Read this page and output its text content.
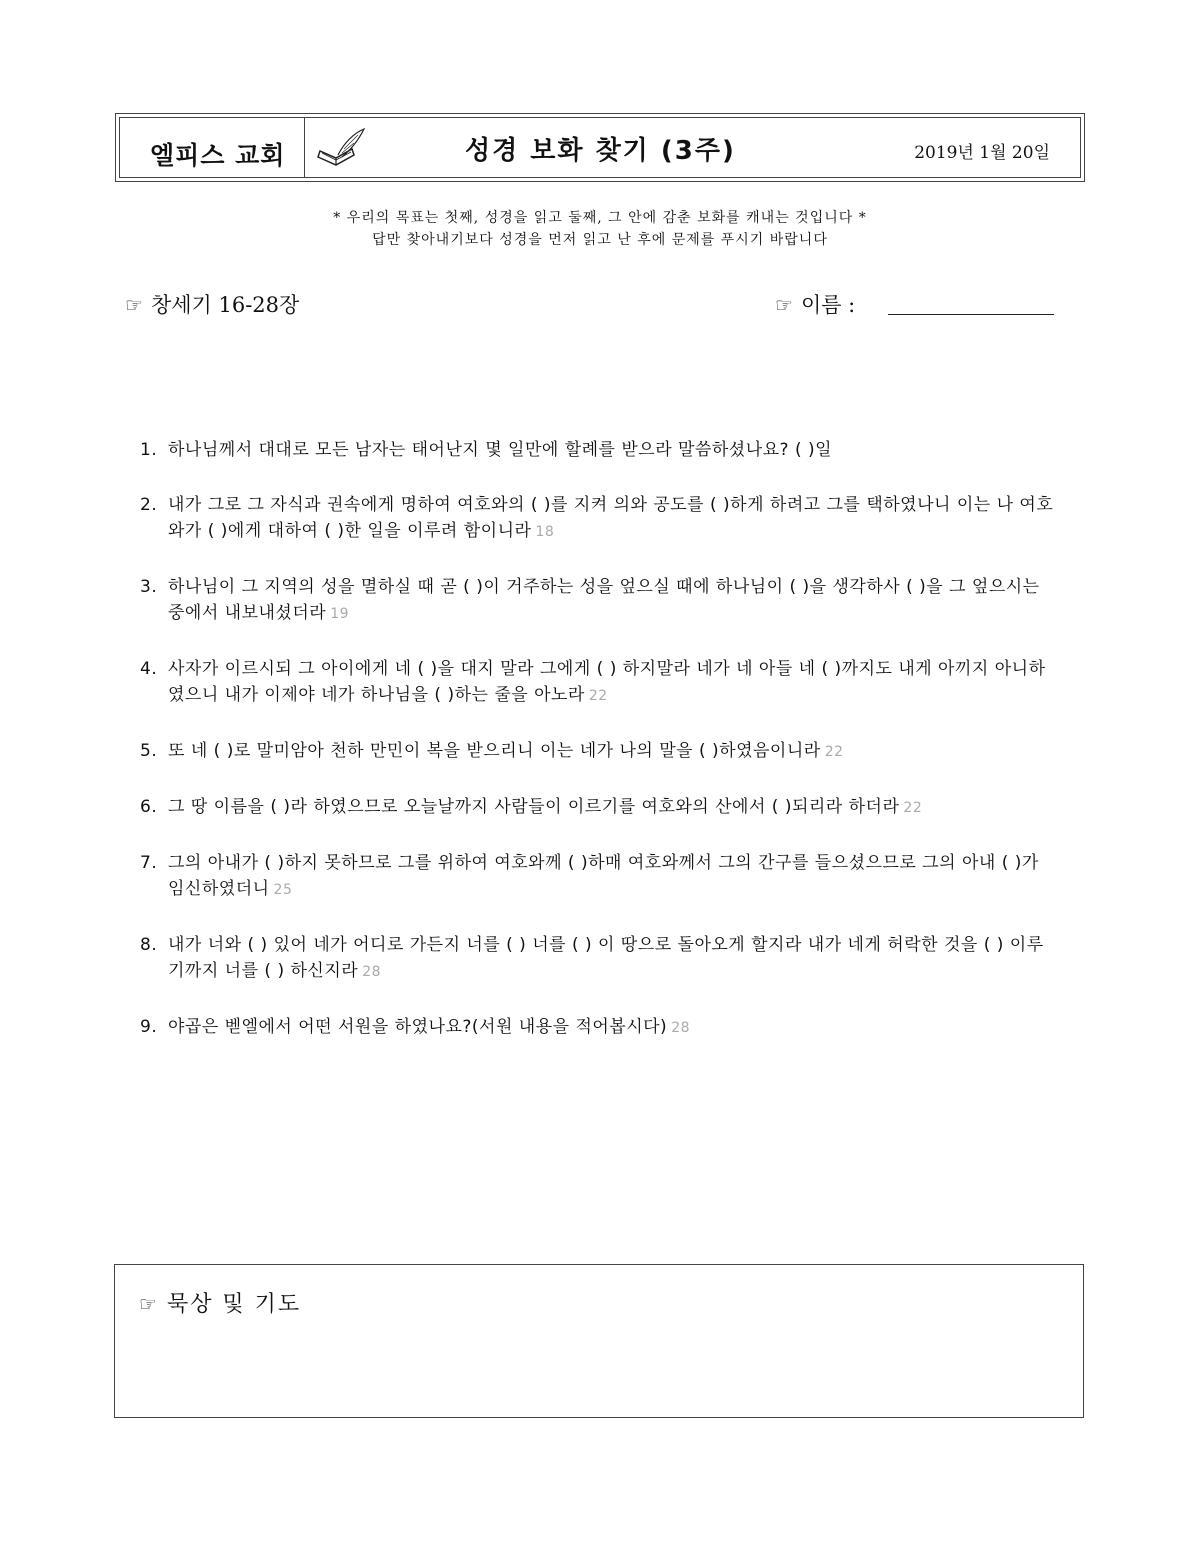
엘피스 교회	성경 보화 찾기 (3주)	2019년 1월 20일
* 우리의 목표는 첫째, 성경을 읽고 둘째, 그 안에 감춘 보화를 캐내는 것입니다 *
답만 찾아내기보다 성경을 먼저 읽고 난 후에 문제를 푸시기 바랍니다
☞ 창세기 16-28장	☞ 이름 :
1. 하나님께서 대대로 모든 남자는 태어난지 몇 일만에 할례를 받으라 말씀하셨나요? ( )일
2. 내가 그로 그 자식과 권속에게 명하여 여호와의 ( )를 지켜 의와 공도를 ( )하게 하려고 그를 택하였나니 이는 나 여호와가 ( )에게 대하여 ( )한 일을 이루려 함이니라 18
3. 하나님이 그 지역의 성을 멸하실 때 곧 ( )이 거주하는 성을 엎으실 때에 하나님이 ( )을 생각하사 ( )을 그 엎으시는 중에서 내보내셨더라 19
4. 사자가 이르시되 그 아이에게 네 ( )을 대지 말라 그에게 ( ) 하지말라 네가 네 아들 네 ( )까지도 내게 아끼지 아니하였으니 내가 이제야 네가 하나님을 ( )하는 줄을 아노라 22
5. 또 네 ( )로 말미암아 천하 만민이 복을 받으리니 이는 네가 나의 말을 ( )하였음이니라 22
6. 그 땅 이름을 ( )라 하였으므로 오늘날까지 사람들이 이르기를 여호와의 산에서 ( )되리라 하더라 22
7. 그의 아내가 ( )하지 못하므로 그를 위하여 여호와께 ( )하매 여호와께서 그의 간구를 들으셨으므로 그의 아내 ( )가 임신하였더니 25
8. 내가 너와 ( ) 있어 네가 어디로 가든지 너를 ( ) 너를 ( ) 이 땅으로 돌아오게 할지라 내가 네게 허락한 것을 ( ) 이루기까지 너를 ( ) 하신지라 28
9. 야곱은 벧엘에서 어떤 서원을 하였나요?(서원 내용을 적어봅시다) 28
☞ 묵상 및 기도
